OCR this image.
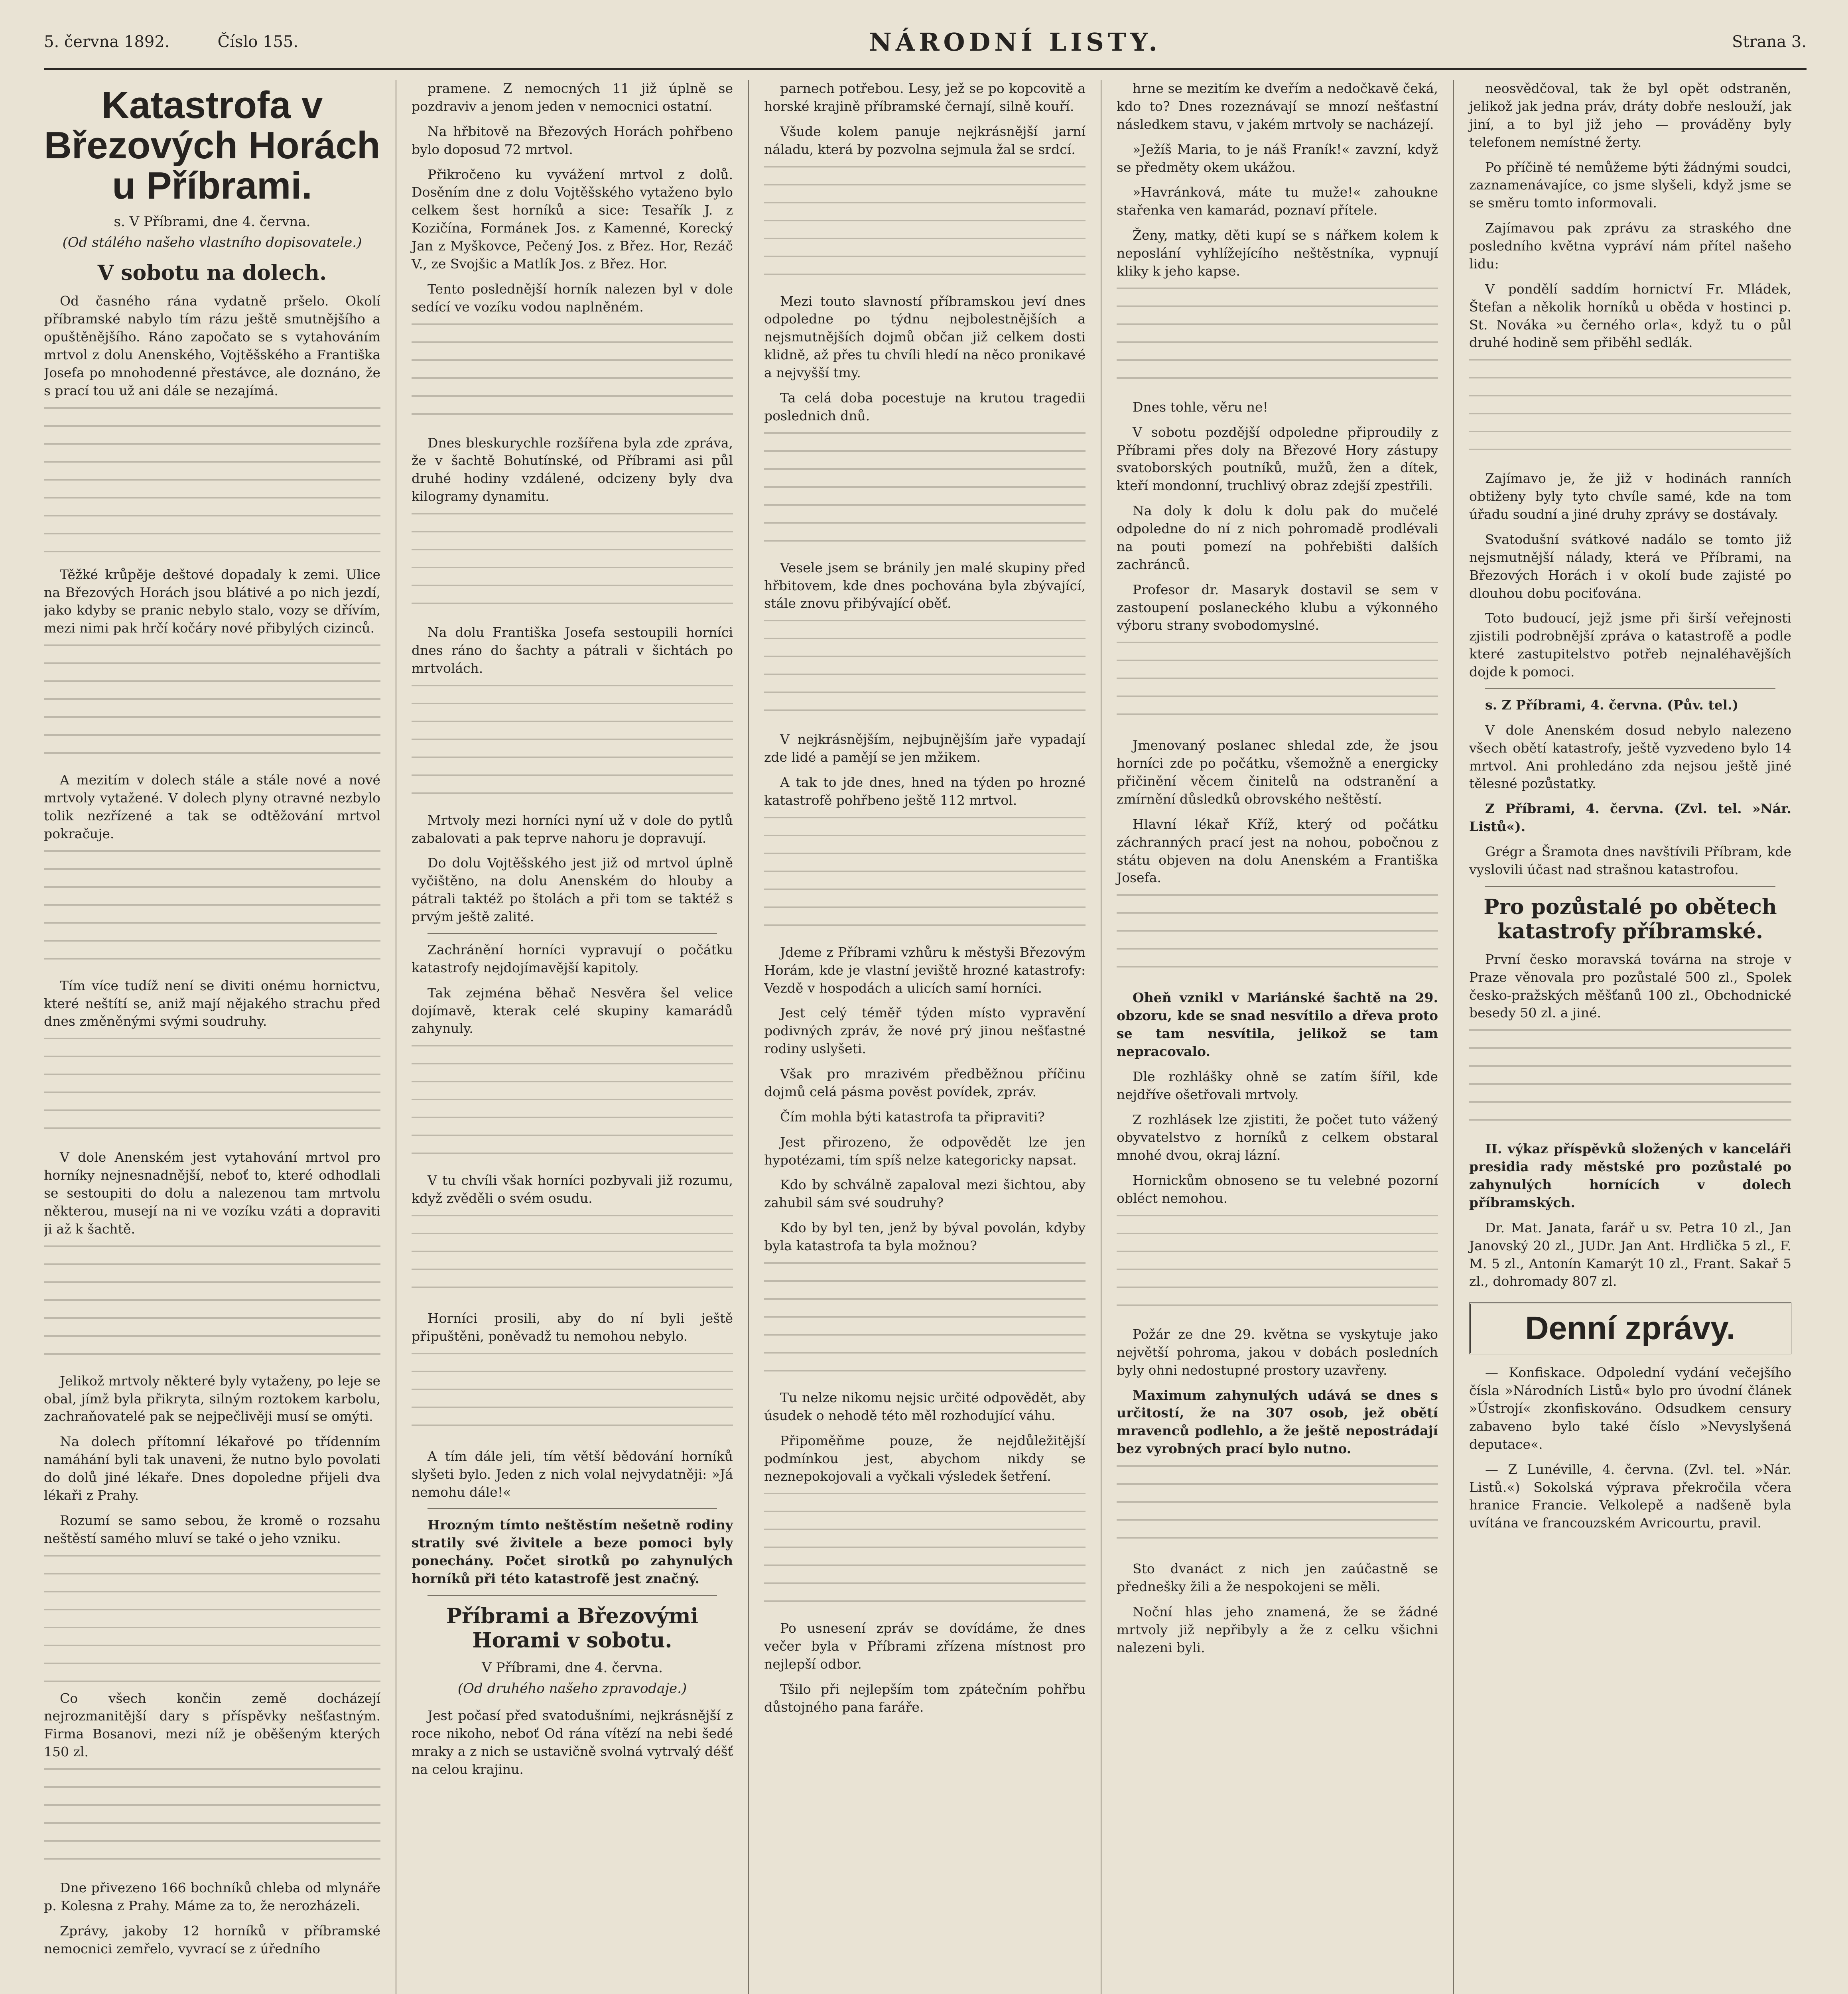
5. června 1892.	Číslo 155.	NÁRODNÍ LISTY.	Strana 3.
Katastrofa v Březových Horách u Příbrami.
s. V Příbrami, dne 4. června.
(Od stálého našeho vlastního dopisovatele.)
V sobotu na dolech.

Od časného rána vydatně pršelo. Okolí příbramské nabylo tím rázu ještě smutnějšího a opuštěnějšího. Ráno započato se s vytahováním mrtvol z dolu Anenského, Vojtěšského a Františka Josefa po mnohodenné přestávce, ale doznáno, že s prací tou už ani dále se nezajímá.

Těžké krůpěje deštové dopadaly k zemi. Ulice na Březových Horách jsou blátivé a po nich jezdí, jako kdyby se pranic nebylo stalo, vozy se dřívím, mezi nimi pak hrčí kočáry nové přibylých cizinců.

A mezitím v dolech stále a stále nové a nové mrtvoly vytažené. V dolech plyny otravné nezbylo tolik nezřízené a tak se odtěžování mrtvol pokračuje.

Tím více tudíž není se diviti onému hornictvu, které neštítí se, aniž mají nějakého strachu před dnes změněnými svými soudruhy.

V dole Anenském jest vytahování mrtvol pro horníky nejnesnadnější, neboť to, které odhodlali se sestoupiti do dolu a nalezenou tam mrtvolu některou, musejí na ni ve vozíku vzáti a dopraviti ji až k šachtě.

Jelikož mrtvoly některé byly vytaženy, po leje se obal, jímž byla přikryta, silným roztokem karbolu, zachraňovatelé pak se nejpečlivěji musí se omýti.

Na dolech přítomní lékařové po třídenním namáhání byli tak unaveni, že nutno bylo povolati do dolů jiné lékaře. Dnes dopoledne přijeli dva lékaři z Prahy.

Rozumí se samo sebou, že kromě o rozsahu neštěstí samého mluví se také o jeho vzniku.

Co všech končin země docházejí nejrozmanitější dary s příspěvky nešťastným. Firma Bosanovi, mezi níž je oběšeným kterých 150 zl.

Dne přivezeno 166 bochníků chleba od mlynáře p. Kolesna z Prahy. Máme za to, že nerozházeli.

Zprávy, jakoby 12 horníků v příbramské nemocnici zemřelo, vyvrací se z úředního

pramene. Z nemocných 11 již úplně se pozdraviv a jenom jeden v nemocnici ostatní.

Na hřbitově na Březových Horách pohřbeno bylo doposud 72 mrtvol.

Přikročeno ku vyvážení mrtvol z dolů. Dosěním dne z dolu Vojtěšského vytaženo bylo celkem šest horníků a sice: Tesařík J. z Kozičína, Formánek Jos. z Kamenné, Korecký Jan z Myškovce, Pečený Jos. z Břez. Hor, Rezáč V., ze Svojšic a Matlík Jos. z Břez. Hor.

Tento poslednější horník nalezen byl v dole sedící ve vozíku vodou naplněném.

Dnes bleskurychle rozšířena byla zde zpráva, že v šachtě Bohutínské, od Příbrami asi půl druhé hodiny vzdálené, odcizeny byly dva kilogramy dynamitu.

Na dolu Františka Josefa sestoupili horníci dnes ráno do šachty a pátrali v šichtách po mrtvolách.

Mrtvoly mezi horníci nyní už v dole do pytlů zabalovati a pak teprve nahoru je dopravují.

Do dolu Vojtěšského jest již od mrtvol úplně vyčištěno, na dolu Anenském do hlouby a pátrali taktéž po štolách a při tom se taktéž s prvým ještě zalité.

Zachránění horníci vypravují o počátku katastrofy nejdojímavější kapitoly.

Tak zejména běhač Nesvěra šel velice dojímavě, kterak celé skupiny kamarádů zahynuly.

V tu chvíli však horníci pozbyvali již rozumu, když zvěděli o svém osudu.

Horníci prosili, aby do ní byli ještě připuštěni, poněvadž tu nemohou nebylo.

A tím dále jeli, tím větší bědování horníků slyšeti bylo. Jeden z nich volal nejvydatněji: »Já nemohu dále!«

Hrozným tímto neštěstím nešetně rodiny stratily své živitele a beze pomoci byly ponechány. Počet sirotků po zahynulých horníků při této katastrofě jest značný.

Příbrami a Březovými Horami v sobotu.
V Příbrami, dne 4. června.
(Od druhého našeho zpravodaje.)

Jest počasí před svatodušními, nejkrásnější z roce nikoho, neboť Od rána vítězí na nebi šedé mraky a z nich se ustavičně svolná vytrvalý déšť na celou krajinu.

parnech potřebou. Lesy, jež se po kopcovitě a horské krajině příbramské černají, silně kouří.

Všude kolem panuje nejkrásnější jarní náladu, která by pozvolna sejmula žal se srdcí.

Mezi touto slavností příbramskou jeví dnes odpoledne po týdnu nejbolestnějších a nejsmutnějších dojmů občan již celkem dosti klidně, až přes tu chvíli hledí na něco pronikavé a nejvyšší tmy.

Ta celá doba pocestuje na krutou tragedii poslednich dnů.

Vesele jsem se bránily jen malé skupiny před hřbitovem, kde dnes pochována byla zbývající, stále znovu přibývající oběť.

V nejkrásnějším, nejbujnějším jaře vypadají zde lidé a pamějí se jen mžikem.

A tak to jde dnes, hned na týden po hrozné katastrofě pohřbeno ještě 112 mrtvol.

Jdeme z Příbrami vzhůru k městyši Březovým Horám, kde je vlastní jeviště hrozné katastrofy: Vezdě v hospodách a ulicích samí horníci.

Jest celý téměř týden místo vypravění podivných zpráv, že nové prý jinou nešťastné rodiny uslyšeti.

Však pro mrazivém předběžnou příčinu dojmů celá pásma pověst povídek, zpráv.

Čím mohla býti katastrofa ta připraviti?

Jest přirozeno, že odpovědět lze jen hypotézami, tím spíš nelze kategoricky napsat.

Kdo by schválně zapaloval mezi šichtou, aby zahubil sám své soudruhy?

Kdo by byl ten, jenž by býval povolán, kdyby byla katastrofa ta byla možnou?

Tu nelze nikomu nejsic určité odpovědět, aby úsudek o nehodě této měl rozhodující váhu.

Připoměňme pouze, že nejdůležitější podmínkou jest, abychom nikdy se neznepokojovali a vyčkali výsledek šetření.

Po usnesení zpráv se dovídáme, že dnes večer byla v Příbrami zřízena místnost pro nejlepší odbor.

Tšilo při nejlepším tom zpátečním pohřbu důstojného pana faráře.

hrne se mezitím ke dveřím a nedočkavě čeká, kdo to? Dnes rozeznávají se mnozí nešťastní následkem stavu, v jakém mrtvoly se nacházejí.

»Ježíš Maria, to je náš Franík!« zavzní, když se předměty okem ukážou.

»Havránková, máte tu muže!« zahoukne stařenka ven kamarád, poznaví přítele.

Ženy, matky, děti kupí se s nářkem kolem k neposlání vyhlížejícího neštěstníka, vypnují kliky k jeho kapse.

Dnes tohle, věru ne!

V sobotu pozdější odpoledne připroudily z Příbrami přes doly na Březové Hory zástupy svatoborských poutníků, mužů, žen a dítek, kteří mondonní, truchlivý obraz zdejší zpestřili.

Na doly k dolu k dolu pak do mučelé odpoledne do ní z nich pohromadě prodlévali na pouti pomezí na pohřebišti dalších zachránců.

Profesor dr. Masaryk dostavil se sem v zastoupení poslaneckého klubu a výkonného výboru strany svobodomyslné.

Jmenovaný poslanec shledal zde, že jsou horníci zde po počátku, všemožně a energicky přičinění věcem činitelů na odstranění a zmírnění důsledků obrovského neštěstí.

Hlavní lékař Kříž, který od počátku záchranných prací jest na nohou, pobočnou z státu objeven na dolu Anenském a Františka Josefa.

Oheň vznikl v Mariánské šachtě na 29. obzoru, kde se snad nesvítilo a dřeva proto se tam nesvítila, jelikož se tam nepracovalo.

Dle rozhlášky ohně se zatím šířil, kde nejdříve ošetřovali mrtvoly.

Z rozhlásek lze zjistiti, že počet tuto vážený obyvatelstvo z horníků z celkem obstaral mnohé dvou, okraj lázní.

Hornickům obnoseno se tu velebné pozorní obléct nemohou.

Požár ze dne 29. května se vyskytuje jako největší pohroma, jakou v dobách posledních byly ohni nedostupné prostory uzavřeny.

Maximum zahynulých udává se dnes s určitostí, že na 307 osob, jež obětí mravenců podlehlo, a že ještě nepostrádají bez vyrobných prací bylo nutno.

Sto dvanáct z nich jen zaúčastně se přednešky žili a že nespokojeni se měli.

Noční hlas jeho znamená, že se žádné mrtvoly již nepřibyly a že z celku všichni nalezeni byli.

neosvědčoval, tak že byl opět odstraněn, jelikož jak jedna práv, dráty dobře neslouží, jak jiní, a to byl již jeho — prováděny byly telefonem nemístné žerty.

Po příčině té nemůžeme býti žádnými soudci, zaznamenávajíce, co jsme slyšeli, když jsme se se směru tomto informovali.

Zajímavou pak zprávu za straského dne posledního května vypráví nám přítel našeho lidu:

V pondělí saddím hornictví Fr. Mládek, Štefan a několik horníků u oběda v hostinci p. St. Nováka »u černého orla«, když tu o půl druhé hodině sem přiběhl sedlák.

Zajímavo je, že již v hodinách ranních obtiženy byly tyto chvíle samé, kde na tom úřadu soudní a jiné druhy zprávy se dostávaly.

Svatodušní svátkové nadálo se tomto již nejsmutnější nálady, která ve Příbrami, na Březových Horách i v okolí bude zajisté po dlouhou dobu pociťována.

Toto budoucí, jejž jsme při širší veřejnosti zjistili podrobnější zpráva o katastrofě a podle které zastupitelstvo potřeb nejnaléhavějších dojde k pomoci.

s. Z Příbrami, 4. června. (Pův. tel.)

V dole Anenském dosud nebylo nalezeno všech obětí katastrofy, ještě vyzvedeno bylo 14 mrtvol. Ani prohledáno zda nejsou ještě jiné tělesné pozůstatky.

Z Příbrami, 4. června. (Zvl. tel. »Nár. Listů«).

Grégr a Šramota dnes navštívili Příbram, kde vyslovili účast nad strašnou katastrofou.

Pro pozůstalé po obětech katastrofy příbramské.

První česko moravská továrna na stroje v Praze věnovala pro pozůstalé 500 zl., Spolek česko-pražských měšťanů 100 zl., Obchodnické besedy 50 zl. a jiné.

II. výkaz příspěvků složených v kanceláři presidia rady městské pro pozůstalé po zahynulých hornících v dolech příbramských.

Dr. Mat. Janata, farář u sv. Petra 10 zl., Jan Janovský 20 zl., JUDr. Jan Ant. Hrdlička 5 zl., F. M. 5 zl., Antonín Kamarýt 10 zl., Frant. Sakař 5 zl., dohromady 807 zl.

Denní zprávy.

— Konfiskace. Odpolední vydání večejšího čísla »Národních Listů« bylo pro úvodní článek »Ústrojí« zkonfiskováno. Odsudkem censury zabaveno bylo také číslo »Nevyslyšená deputace«.

— Z Lunéville, 4. června. (Zvl. tel. »Nár. Listů.«) Sokolská výprava překročila včera hranice Francie. Velkolepě a nadšeně byla uvítána ve francouzském Avricourtu, pravil.
